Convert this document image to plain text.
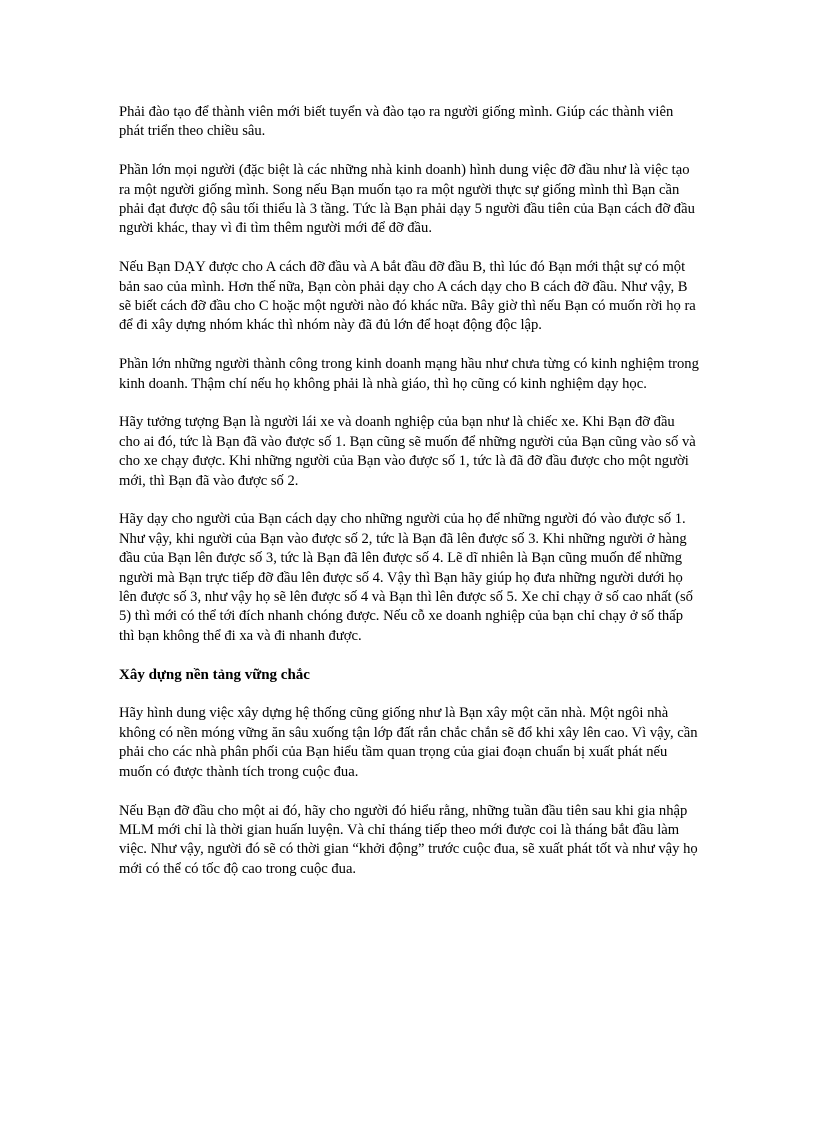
Phải đào tạo để thành viên mới biết tuyển và đào tạo ra người giống mình. Giúp các thành viên phát triển theo chiều sâu.

Phần lớn mọi người (đặc biệt là các những nhà kinh doanh) hình dung việc đỡ đầu như là việc tạo ra một người giống mình. Song nếu Bạn muốn tạo ra một người thực sự giống mình thì Bạn cần phải đạt được độ sâu tối thiểu là 3 tầng. Tức là Bạn phải dạy 5 người đầu tiên của Bạn cách đỡ đầu người khác, thay vì đi tìm thêm người mới để đỡ đầu.

Nếu Bạn DẠY được cho A cách đỡ đầu và A bắt đầu đỡ đầu B, thì lúc đó Bạn mới thật sự có một bản sao của mình. Hơn thế nữa, Bạn còn phải dạy cho A cách dạy cho B cách đỡ đầu. Như vậy, B sẽ biết cách đỡ đầu cho C hoặc một người nào đó khác nữa. Bây giờ thì nếu Bạn có muốn rời họ ra để đi xây dựng nhóm khác thì nhóm này đã đủ lớn để hoạt động độc lập.

Phần lớn những người thành công trong kinh doanh mạng hầu như chưa từng có kinh nghiệm trong kinh doanh. Thậm chí nếu họ không phải là nhà giáo, thì họ cũng có kinh nghiệm dạy học.

Hãy tưởng tượng Bạn là người lái xe và doanh nghiệp của bạn như là chiếc xe. Khi Bạn đỡ đầu cho ai đó, tức là Bạn đã vào được số 1. Bạn cũng sẽ muốn để những người của Bạn cũng vào số và cho xe chạy được. Khi những người của Bạn vào được số 1, tức là đã đỡ đầu được cho một người mới, thì Bạn đã vào được số 2.

Hãy dạy cho người của Bạn cách dạy cho những người của họ để những người đó vào được số 1. Như vậy, khi người của Bạn vào được số 2, tức là Bạn đã lên được số 3. Khi những người ở hàng đầu của Bạn lên được số 3, tức là Bạn đã lên được số 4. Lẽ dĩ nhiên là Bạn cũng muốn để những người mà Bạn trực tiếp đỡ đầu lên được số 4. Vậy thì Bạn hãy giúp họ đưa những người dưới họ lên được số 3, như vậy họ sẽ lên được số 4 và Bạn thì lên được số 5. Xe chỉ chạy ở số cao nhất (số 5) thì mới có thể tới đích nhanh chóng được. Nếu cỗ xe doanh nghiệp của bạn chỉ chạy ở số thấp thì bạn không thể đi xa và đi nhanh được.

Xây dựng nền tảng vững chắc

Hãy hình dung việc xây dựng hệ thống cũng giống như là Bạn xây một căn nhà. Một ngôi nhà không có nền móng vững ăn sâu xuống tận lớp đất rắn chắc chắn sẽ đổ khi xây lên cao. Vì vậy, cần phải cho các nhà phân phối của Bạn hiểu tầm quan trọng của giai đoạn chuẩn bị xuất phát nếu muốn có được thành tích trong cuộc đua.

Nếu Bạn đỡ đầu cho một ai đó, hãy cho người đó hiểu rằng, những tuần đầu tiên sau khi gia nhập MLM mới chỉ là thời gian huấn luyện. Và chỉ tháng tiếp theo mới được coi là tháng bắt đầu làm việc. Như vậy, người đó sẽ có thời gian “khởi động” trước cuộc đua, sẽ xuất phát tốt và như vậy họ mới có thể có tốc độ cao trong cuộc đua.
